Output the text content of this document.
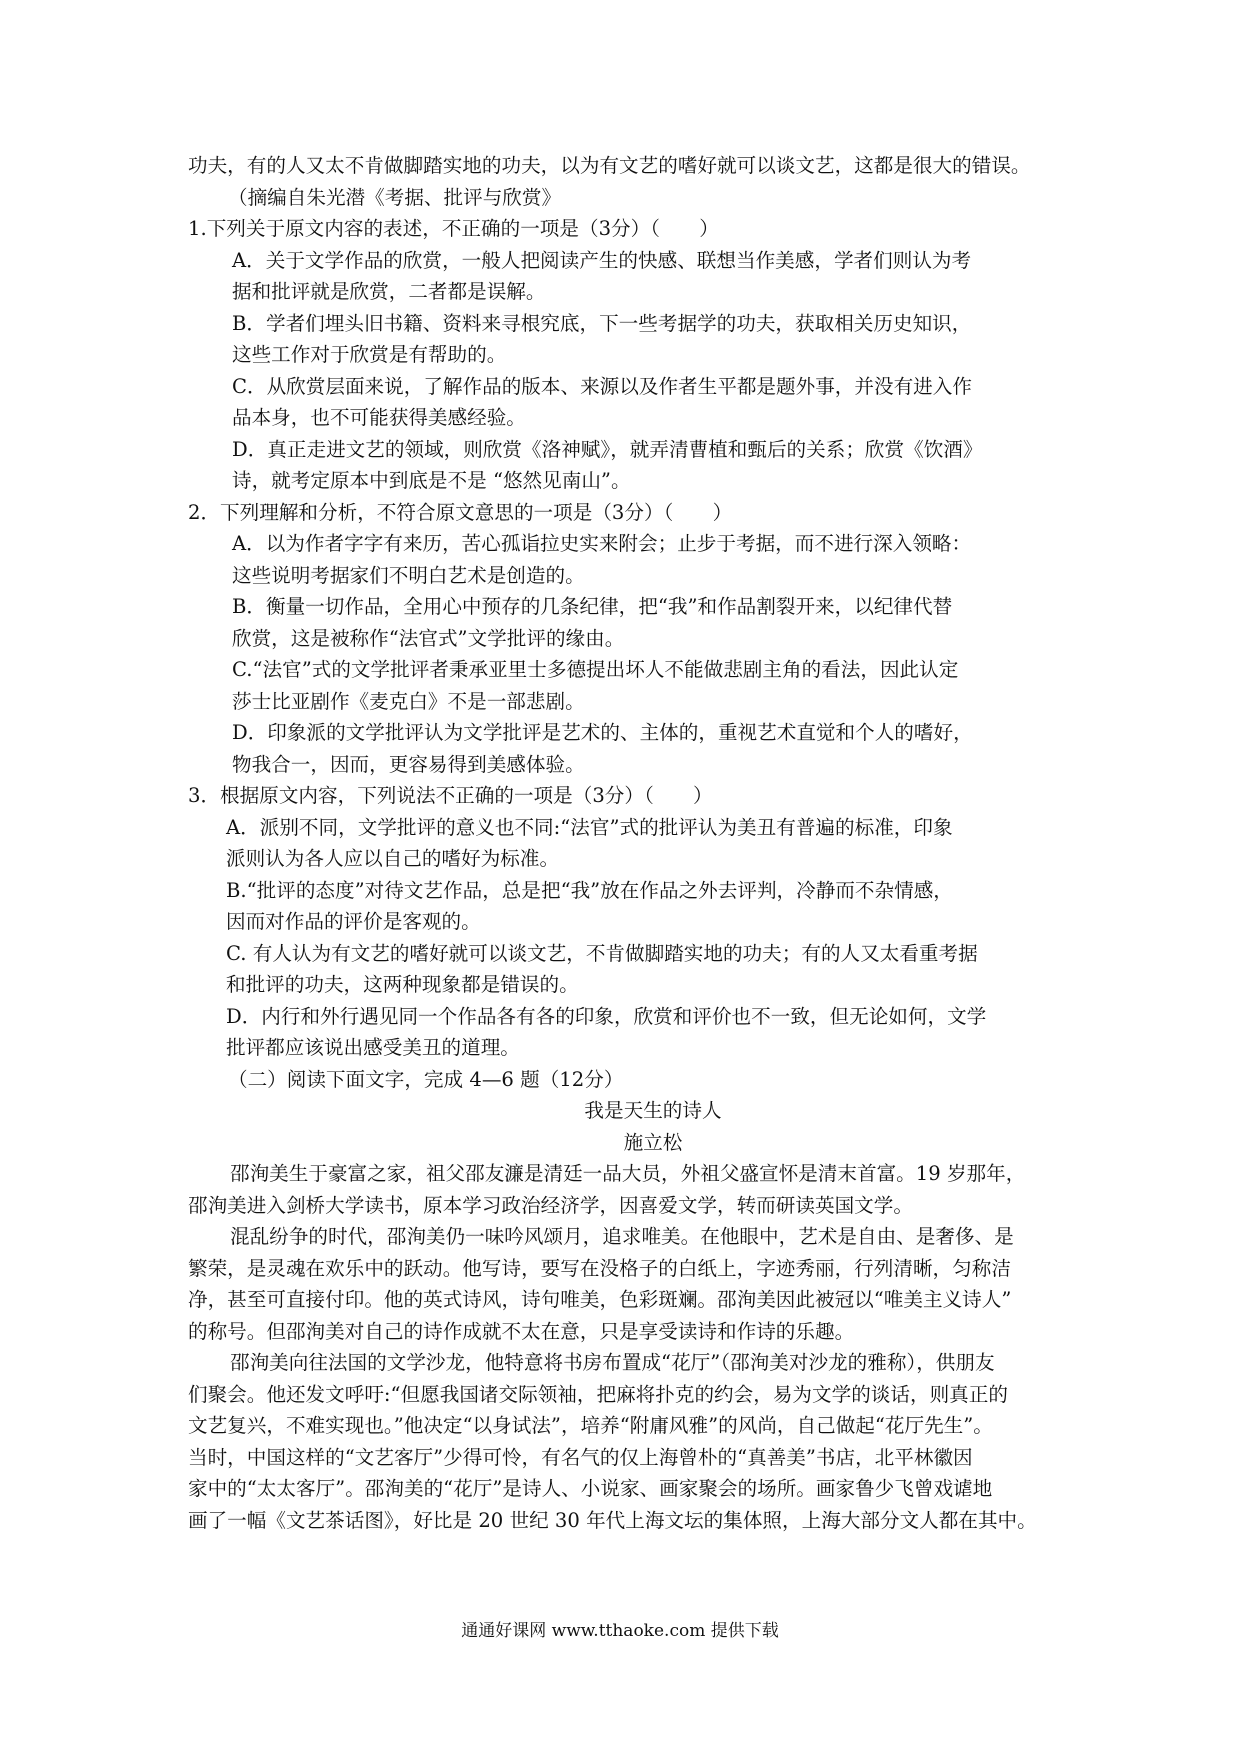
功夫，有的人又太不肯做脚踏实地的功夫，以为有文艺的嗜好就可以谈文艺，这都是很大的错误。
（摘编自朱光潜《考据、批评与欣赏》
1.下列关于原文内容的表述，不正确的一项是（3分）（　　）
A．关于文学作品的欣赏，一般人把阅读产生的快感、联想当作美感，学者们则认为考
据和批评就是欣赏，二者都是误解。
B．学者们埋头旧书籍、资料来寻根究底，下一些考据学的功夫，获取相关历史知识，
这些工作对于欣赏是有帮助的。
C．从欣赏层面来说，了解作品的版本、来源以及作者生平都是题外事，并没有进入作
品本身，也不可能获得美感经验。
D．真正走进文艺的领域，则欣赏《洛神赋》，就弄清曹植和甄后的关系；欣赏《饮酒》
诗，就考定原本中到底是不是 “悠然见南山”。
2．下列理解和分析，不符合原文意思的一项是（3分）（　　）
A．以为作者字字有来历，苦心孤诣拉史实来附会；止步于考据，而不进行深入领略：
这些说明考据家们不明白艺术是创造的。
B．衡量一切作品，全用心中预存的几条纪律，把“我”和作品割裂开来，以纪律代替
欣赏，这是被称作“法官式”文学批评的缘由。
C.“法官”式的文学批评者秉承亚里士多德提出坏人不能做悲剧主角的看法，因此认定
莎士比亚剧作《麦克白》不是一部悲剧。
D．印象派的文学批评认为文学批评是艺术的、主体的，重视艺术直觉和个人的嗜好，
物我合一，因而，更容易得到美感体验。
3．根据原文内容，下列说法不正确的一项是（3分）（　　）
A．派别不同，文学批评的意义也不同:“法官”式的批评认为美丑有普遍的标准，印象
派则认为各人应以自己的嗜好为标准。
B.“批评的态度”对待文艺作品，总是把“我”放在作品之外去评判，冷静而不杂情感，
因而对作品的评价是客观的。
C. 有人认为有文艺的嗜好就可以谈文艺，不肯做脚踏实地的功夫；有的人又太看重考据
和批评的功夫，这两种现象都是错误的。
D．内行和外行遇见同一个作品各有各的印象，欣赏和评价也不一致，但无论如何，文学
批评都应该说出感受美丑的道理。
（二）阅读下面文字，完成 4—6 题（12分）
我是天生的诗人
施立松
邵洵美生于豪富之家，祖父邵友濂是清廷一品大员，外祖父盛宣怀是清末首富。19 岁那年，
邵洵美进入剑桥大学读书，原本学习政治经济学，因喜爱文学，转而研读英国文学。
混乱纷争的时代，邵洵美仍一味吟风颂月，追求唯美。在他眼中，艺术是自由、是奢侈、是
繁荣，是灵魂在欢乐中的跃动。他写诗，要写在没格子的白纸上，字迹秀丽，行列清晰，匀称洁
净，甚至可直接付印。他的英式诗风，诗句唯美，色彩斑斓。邵洵美因此被冠以“唯美主义诗人”
的称号。但邵洵美对自己的诗作成就不太在意，只是享受读诗和作诗的乐趣。
邵洵美向往法国的文学沙龙，他特意将书房布置成“花厅”（邵洵美对沙龙的雅称），供朋友
们聚会。他还发文呼吁:“但愿我国诸交际领袖，把麻将扑克的约会，易为文学的谈话，则真正的
文艺复兴，不难实现也。”他决定“以身试法”，培养“附庸风雅”的风尚，自己做起“花厅先生”。
当时，中国这样的“文艺客厅”少得可怜，有名气的仅上海曾朴的“真善美”书店，北平林徽因
家中的“太太客厅”。邵洵美的“花厅”是诗人、小说家、画家聚会的场所。画家鲁少飞曾戏谑地
画了一幅《文艺茶话图》，好比是 20 世纪 30 年代上海文坛的集体照，上海大部分文人都在其中。
通通好课网 www.tthaoke.com 提供下载
